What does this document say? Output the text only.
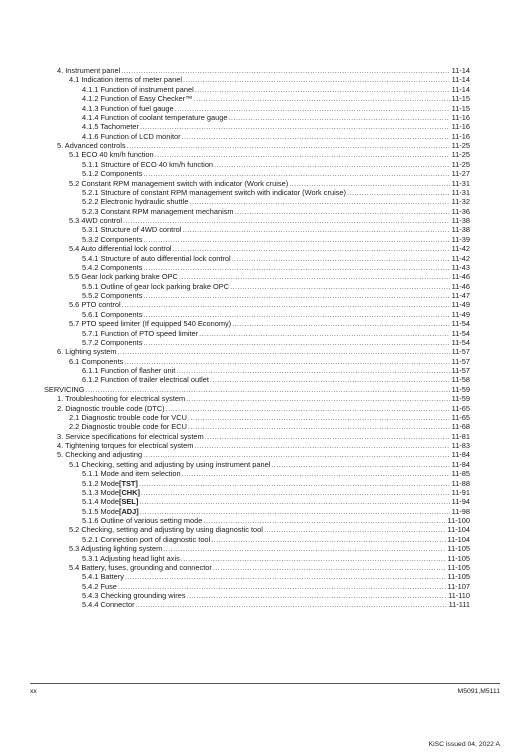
4. Instrument panel .....	11-14
4.1 Indication items of meter panel .....	11-14
4.1.1 Function of instrument panel .....	11-14
4.1.2 Function of Easy Checker™ .....	11-15
4.1.3 Function of fuel gauge .....	11-15
4.1.4 Function of coolant temperature gauge .....	11-16
4.1.5 Tachometer .....	11-16
4.1.6 Function of LCD monitor .....	11-16
5. Advanced controls .....	11-25
5.1 ECO 40 km/h function .....	11-25
5.1.1 Structure of ECO 40 km/h function .....	11-25
5.1.2 Components .....	11-27
5.2 Constant RPM management switch with indicator (Work cruise) .....	11-31
5.2.1 Structure of constant RPM management switch with indicator (Work cruise) .....	11-31
5.2.2 Electronic hydraulic shuttle .....	11-32
5.2.3 Constant RPM management mechanism .....	11-36
5.3 4WD control .....	11-38
5.3.1 Structure of 4WD control .....	11-38
5.3.2 Components .....	11-39
5.4 Auto differential lock control .....	11-42
5.4.1 Structure of auto differential lock control .....	11-42
5.4.2 Components .....	11-43
5.5 Gear lock parking brake OPC .....	11-46
5.5.1 Outline of gear lock parking brake OPC .....	11-46
5.5.2 Components .....	11-47
5.6 PTO control .....	11-49
5.6.1 Components .....	11-49
5.7 PTO speed limiter (If equipped 540 Economy) .....	11-54
5.7.1 Function of PTO speed limiter .....	11-54
5.7.2 Components .....	11-54
6. Lighting system .....	11-57
6.1 Components .....	11-57
6.1.1 Function of flasher unit .....	11-57
6.1.2 Function of trailer electrical outlet .....	11-58
SERVICING .....	11-59
1. Troubleshooting for electrical system .....	11-59
2. Diagnostic trouble code (DTC) .....	11-65
2.1 Diagnostic trouble code for VCU .....	11-65
2.2 Diagnostic trouble code for ECU .....	11-68
3. Service specifications for electrical system .....	11-81
4. Tightening torques for electrical system .....	11-83
5. Checking and adjusting .....	11-84
5.1 Checking, setting and adjusting by using instrument panel .....	11-84
5.1.1 Mode and item selection .....	11-85
5.1.2 Mode [TST] .....	11-88
5.1.3 Mode [CHK] .....	11-91
5.1.4 Mode [SEL] .....	11-94
5.1.5 Mode [ADJ] .....	11-98
5.1.6 Outline of various setting mode .....	11-100
5.2 Checking, setting and adjusting by using diagnostic tool .....	11-104
5.2.1 Connection port of diagnostic tool .....	11-104
5.3 Adjusting lighting system .....	11-105
5.3.1 Adjusting head light axis .....	11-105
5.4 Battery, fuses, grounding and connector .....	11-105
5.4.1 Battery .....	11-105
5.4.2 Fuse .....	11-107
5.4.3 Checking grounding wires .....	11-110
5.4.4 Connector .....	11-111
xx	M5091,M5111
KiSC issued 04, 2022 A
